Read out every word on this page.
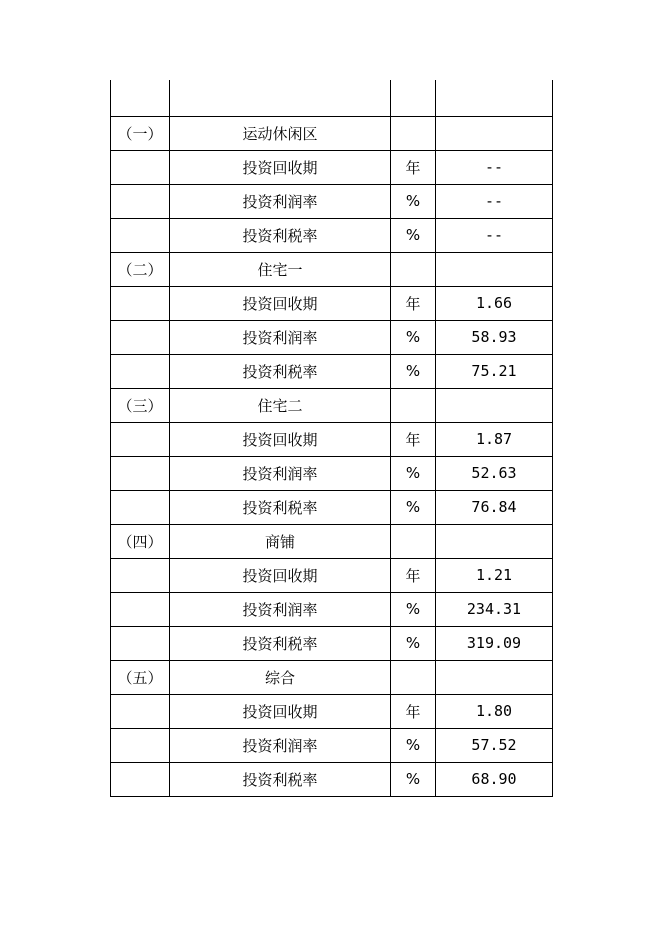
（一）	运动休闲区		
	投资回收期	年	--
	投资利润率	%	--
	投资利税率	%	--
（二）	住宅一		
	投资回收期	年	1.66
	投资利润率	%	58.93
	投资利税率	%	75.21
（三）	住宅二		
	投资回收期	年	1.87
	投资利润率	%	52.63
	投资利税率	%	76.84
（四）	商铺		
	投资回收期	年	1.21
	投资利润率	%	234.31
	投资利税率	%	319.09
（五）	综合		
	投资回收期	年	1.80
	投资利润率	%	57.52
	投资利税率	%	68.90
